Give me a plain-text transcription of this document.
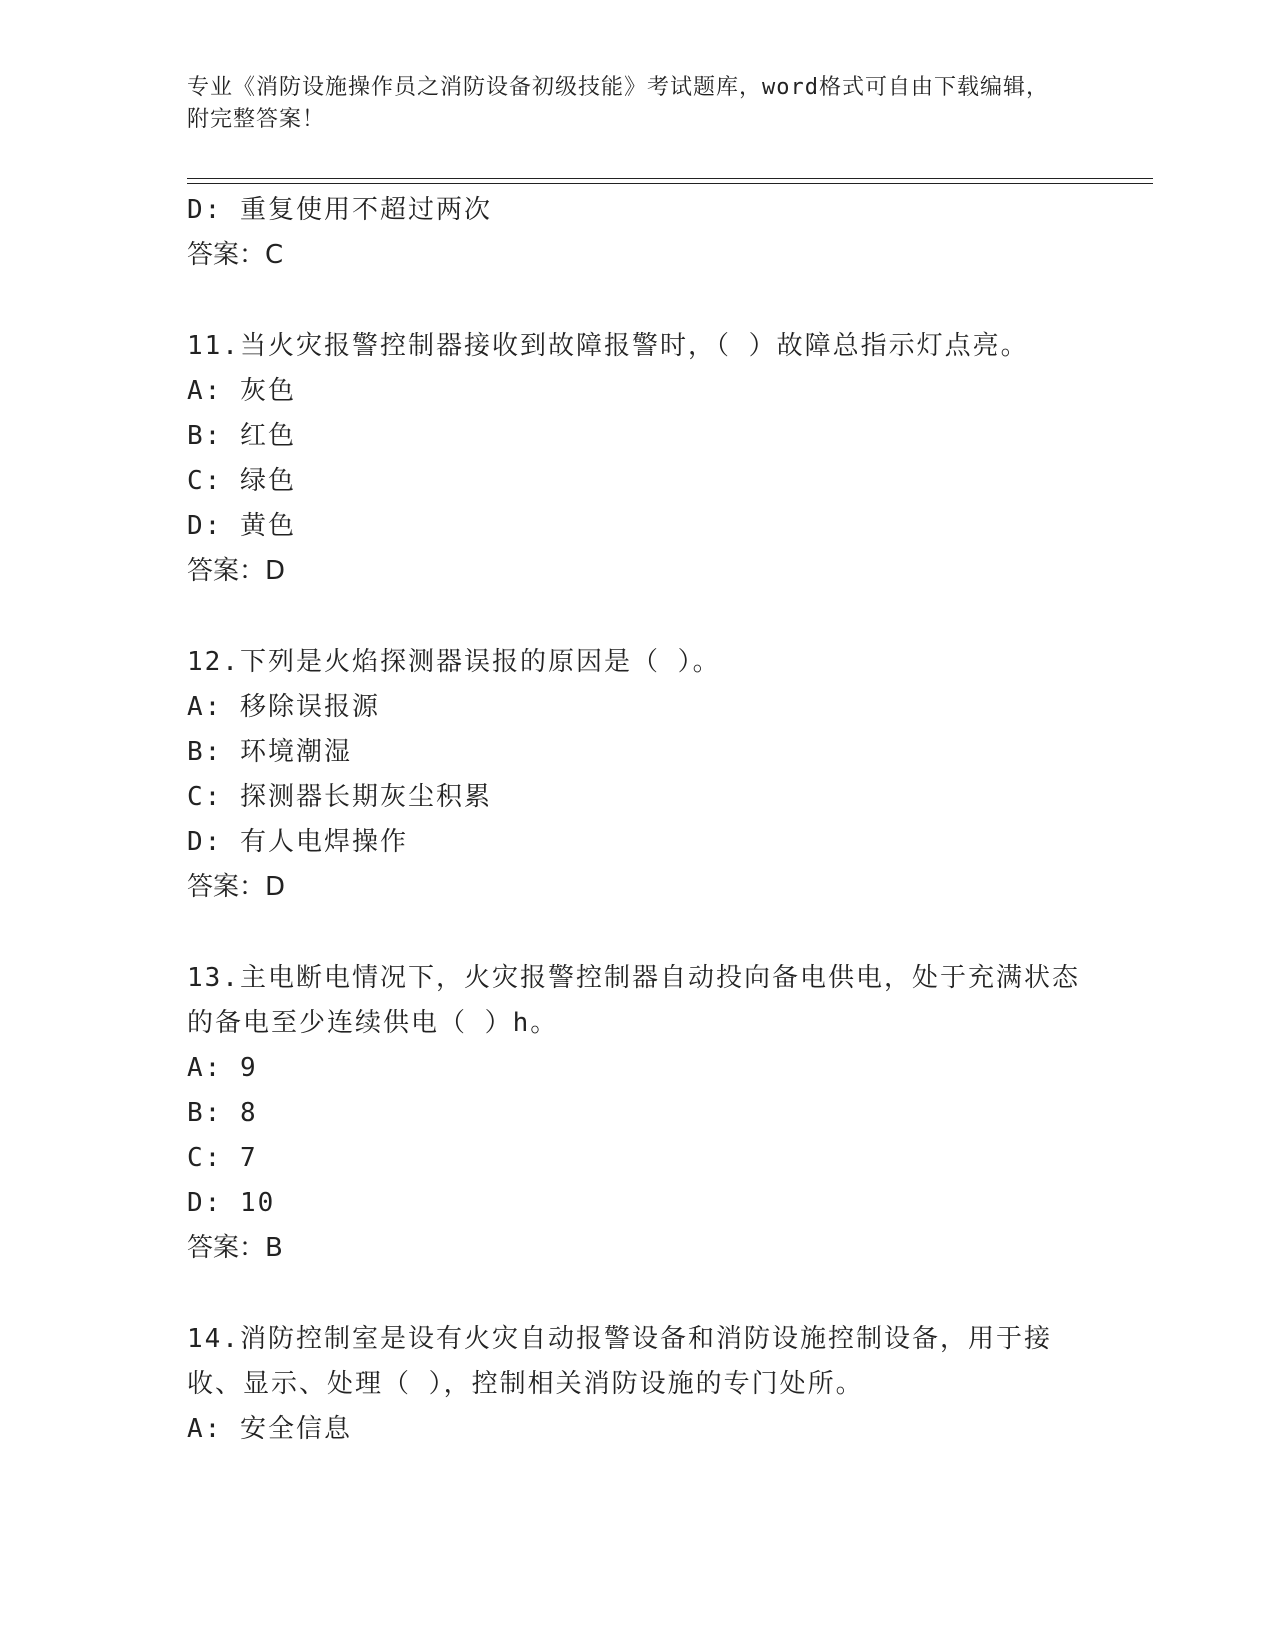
专业《消防设施操作员之消防设备初级技能》考试题库，word格式可自由下载编辑，附完整答案！
D: 重复使用不超过两次
答案：C
11.当火灾报警控制器接收到故障报警时，（ ）故障总指示灯点亮。
A: 灰色
B: 红色
C: 绿色
D: 黄色
答案：D
12.下列是火焰探测器误报的原因是（ ）。
A: 移除误报源
B: 环境潮湿
C: 探测器长期灰尘积累
D: 有人电焊操作
答案：D
13.主电断电情况下，火灾报警控制器自动投向备电供电，处于充满状态的备电至少连续供电（ ）h。
A: 9
B: 8
C: 7
D: 10
答案：B
14.消防控制室是设有火灾自动报警设备和消防设施控制设备，用于接收、显示、处理（ ），控制相关消防设施的专门处所。
A: 安全信息
